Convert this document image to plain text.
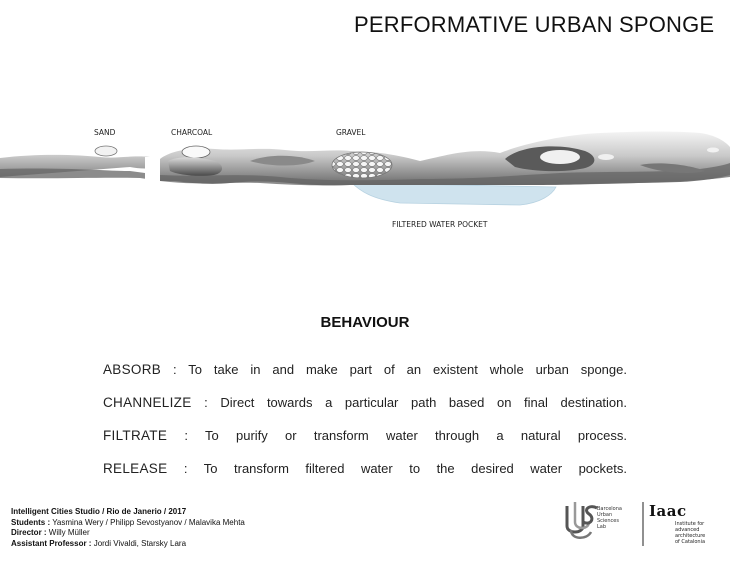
PERFORMATIVE URBAN SPONGE
SAND	CHARCOAL	GRAVEL
FILTERED WATER POCKET
BEHAVIOUR
ABSORB : To take in and make part of an existent whole urban sponge.
CHANNELIZE : Direct towards a particular path based on final destination.
FILTRATE : To purify or transform water through a natural process.
RELEASE : To transform filtered water to the desired water pockets.
Intelligent Cities Studio / Rio de Janerio / 2017
Students : Yasmina Wery / Philipp Sevostyanov / Malavika Mehta
Director : Willy Müller
Assistant Professor : Jordi Vivaldi, Starsky Lara
Barcelona
Urban
Sciences
Lab
Iaac
Institute for
advanced
architecture
of Catalonia
